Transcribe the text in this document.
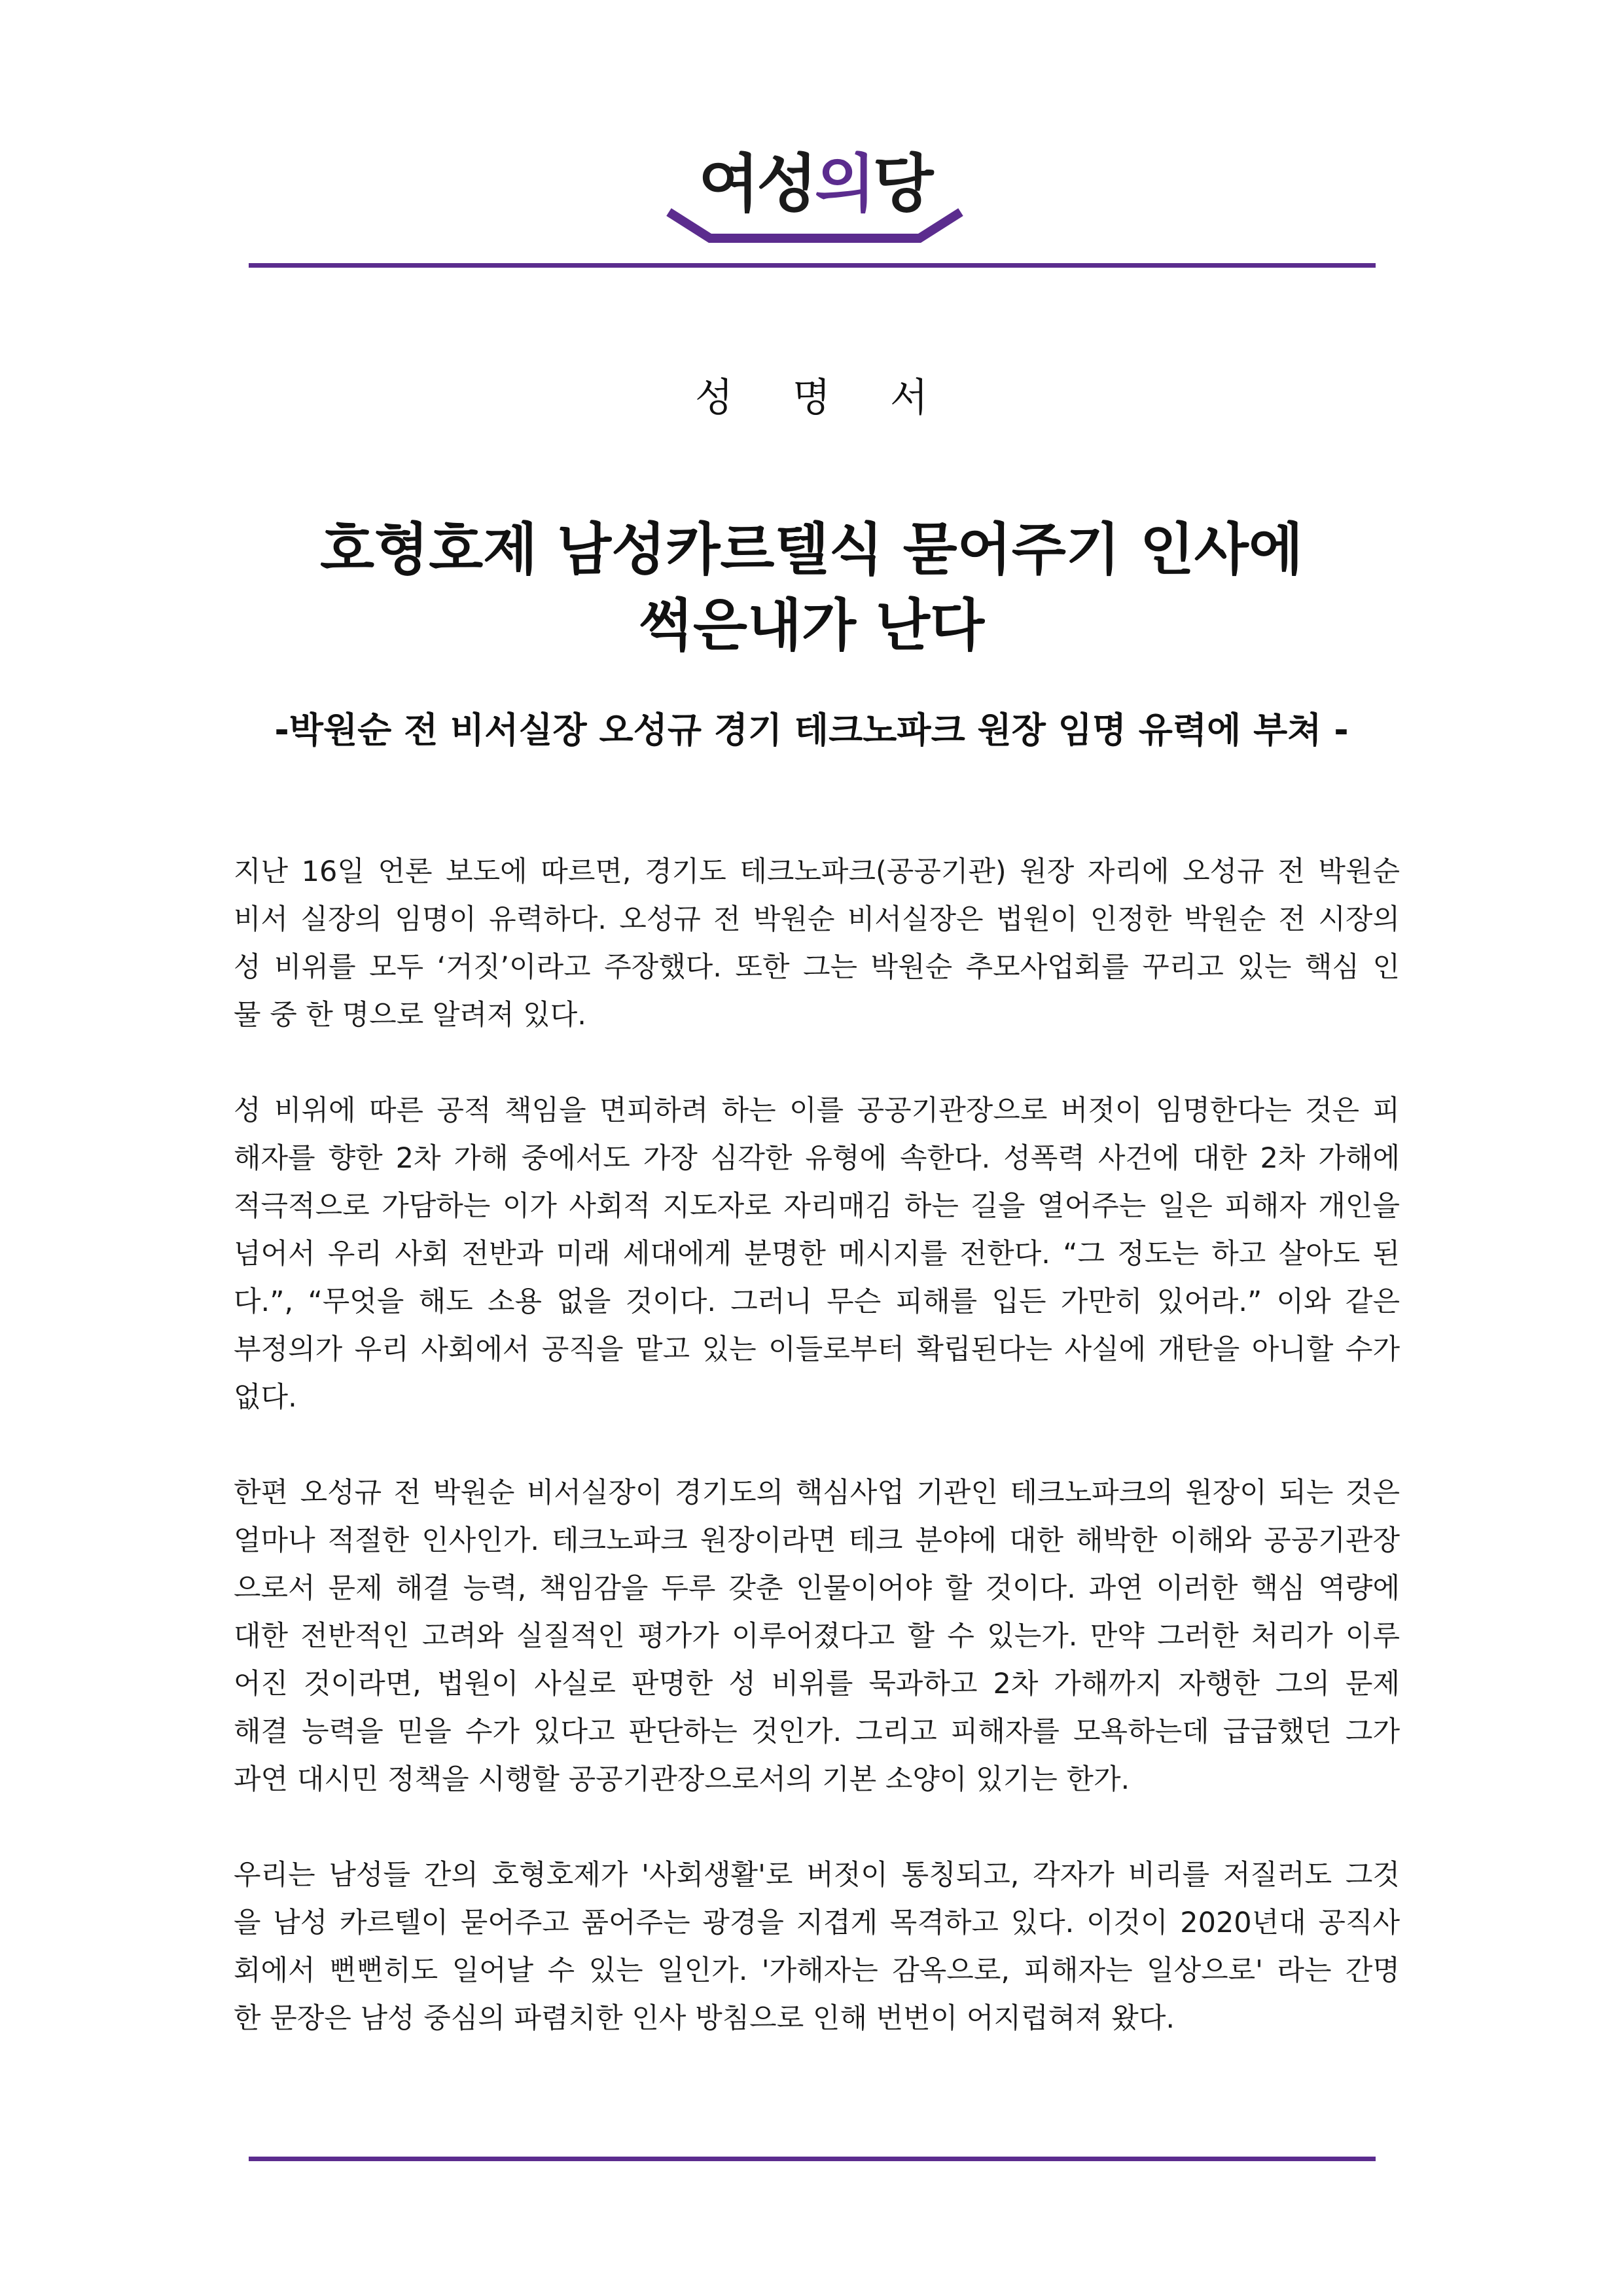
여성의당
성 명 서
호형호제 남성카르텔식 묻어주기 인사에
썩은내가 난다
-박원순 전 비서실장 오성규 경기 테크노파크 원장 임명 유력에 부쳐 -
지난 16일 언론 보도에 따르면, 경기도 테크노파크(공공기관) 원장 자리에 오성규 전 박원순
비서 실장의 임명이 유력하다. 오성규 전 박원순 비서실장은 법원이 인정한 박원순 전 시장의
성 비위를 모두 ‘거짓’이라고 주장했다. 또한 그는 박원순 추모사업회를 꾸리고 있는 핵심 인
물 중 한 명으로 알려져 있다.
성 비위에 따른 공적 책임을 면피하려 하는 이를 공공기관장으로 버젓이 임명한다는 것은 피
해자를 향한 2차 가해 중에서도 가장 심각한 유형에 속한다. 성폭력 사건에 대한 2차 가해에
적극적으로 가담하는 이가 사회적 지도자로 자리매김 하는 길을 열어주는 일은 피해자 개인을
넘어서 우리 사회 전반과 미래 세대에게 분명한 메시지를 전한다. “그 정도는 하고 살아도 된
다.”, “무엇을 해도 소용 없을 것이다. 그러니 무슨 피해를 입든 가만히 있어라.” 이와 같은
부정의가 우리 사회에서 공직을 맡고 있는 이들로부터 확립된다는 사실에 개탄을 아니할 수가
없다.
한편 오성규 전 박원순 비서실장이 경기도의 핵심사업 기관인 테크노파크의 원장이 되는 것은
얼마나 적절한 인사인가. 테크노파크 원장이라면 테크 분야에 대한 해박한 이해와 공공기관장
으로서 문제 해결 능력, 책임감을 두루 갖춘 인물이어야 할 것이다. 과연 이러한 핵심 역량에
대한 전반적인 고려와 실질적인 평가가 이루어졌다고 할 수 있는가. 만약 그러한 처리가 이루
어진 것이라면, 법원이 사실로 판명한 성 비위를 묵과하고 2차 가해까지 자행한 그의 문제
해결 능력을 믿을 수가 있다고 판단하는 것인가. 그리고 피해자를 모욕하는데 급급했던 그가
과연 대시민 정책을 시행할 공공기관장으로서의 기본 소양이 있기는 한가.
우리는 남성들 간의 호형호제가 '사회생활'로 버젓이 통칭되고, 각자가 비리를 저질러도 그것
을 남성 카르텔이 묻어주고 품어주는 광경을 지겹게 목격하고 있다. 이것이 2020년대 공직사
회에서 뻔뻔히도 일어날 수 있는 일인가. '가해자는 감옥으로, 피해자는 일상으로' 라는 간명
한 문장은 남성 중심의 파렴치한 인사 방침으로 인해 번번이 어지럽혀져 왔다.
